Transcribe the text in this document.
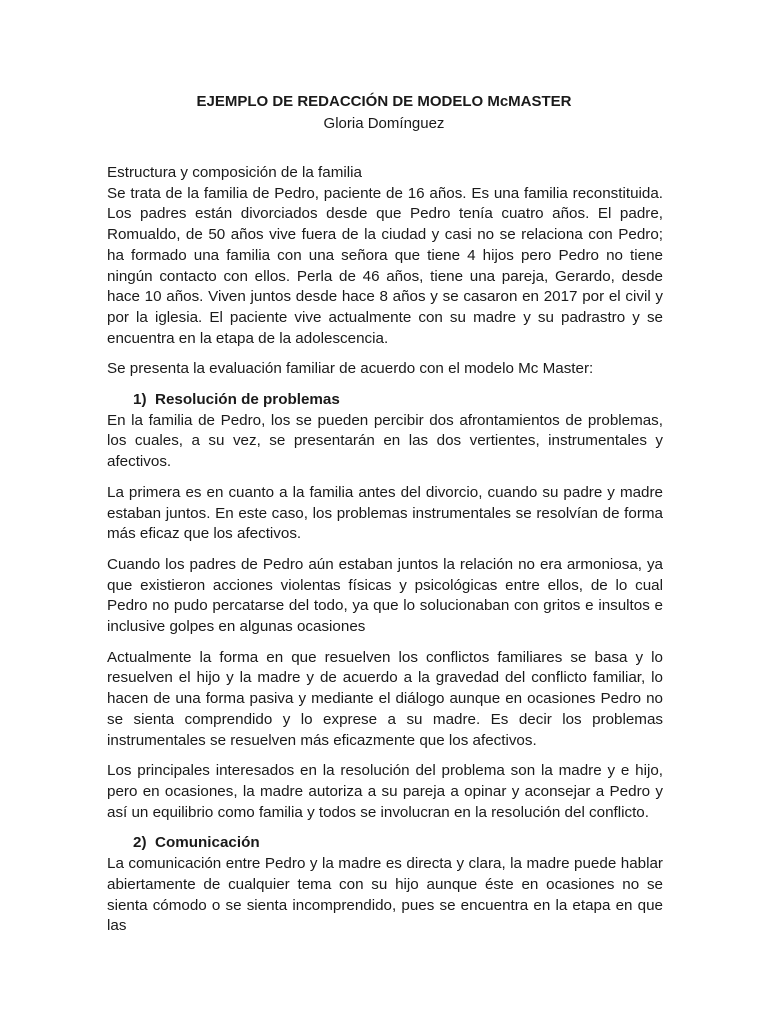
EJEMPLO DE REDACCIÓN DE MODELO McMASTER

Gloria Domínguez

Estructura y composición de la familia

Se trata de la familia de Pedro, paciente de 16 años. Es una familia reconstituida. Los padres están divorciados desde que Pedro tenía cuatro años. El padre, Romualdo, de 50 años vive fuera de la ciudad y casi no se relaciona con Pedro; ha formado una familia con una señora que tiene 4 hijos pero Pedro no tiene ningún contacto con ellos. Perla de 46 años, tiene una pareja, Gerardo, desde hace 10 años. Viven juntos desde hace 8 años y se casaron en 2017 por el civil y por la iglesia. El paciente vive actualmente con su madre y su padrastro y se encuentra en la etapa de la adolescencia.

Se presenta la evaluación familiar de acuerdo con el modelo Mc Master:

1) Resolución de problemas

En la familia de Pedro, los se pueden percibir dos afrontamientos de problemas, los cuales, a su vez, se presentarán en las dos vertientes, instrumentales y afectivos.

La primera es en cuanto a la familia antes del divorcio, cuando su padre y madre estaban juntos. En este caso, los problemas instrumentales se resolvían de forma más eficaz que los afectivos.

Cuando los padres de Pedro aún estaban juntos la relación no era armoniosa, ya que existieron acciones violentas físicas y psicológicas entre ellos, de lo cual Pedro no pudo percatarse del todo, ya que lo solucionaban con gritos e insultos e inclusive golpes en algunas ocasiones

Actualmente la forma en que resuelven los conflictos familiares se basa y lo resuelven el hijo y la madre y de acuerdo a la gravedad del conflicto familiar, lo hacen de una forma pasiva y mediante el diálogo aunque en ocasiones Pedro no se sienta comprendido y lo exprese a su madre. Es decir los problemas instrumentales se resuelven más eficazmente que los afectivos.

Los principales interesados en la resolución del problema son la madre y e hijo, pero en ocasiones, la madre autoriza a su pareja a opinar y aconsejar a Pedro y así un equilibrio como familia y todos se involucran en la resolución del conflicto.

2) Comunicación

La comunicación entre Pedro y la madre es directa y clara, la madre puede hablar abiertamente de cualquier tema con su hijo aunque éste en ocasiones no se sienta cómodo o se sienta incomprendido, pues se encuentra en la etapa en que las
